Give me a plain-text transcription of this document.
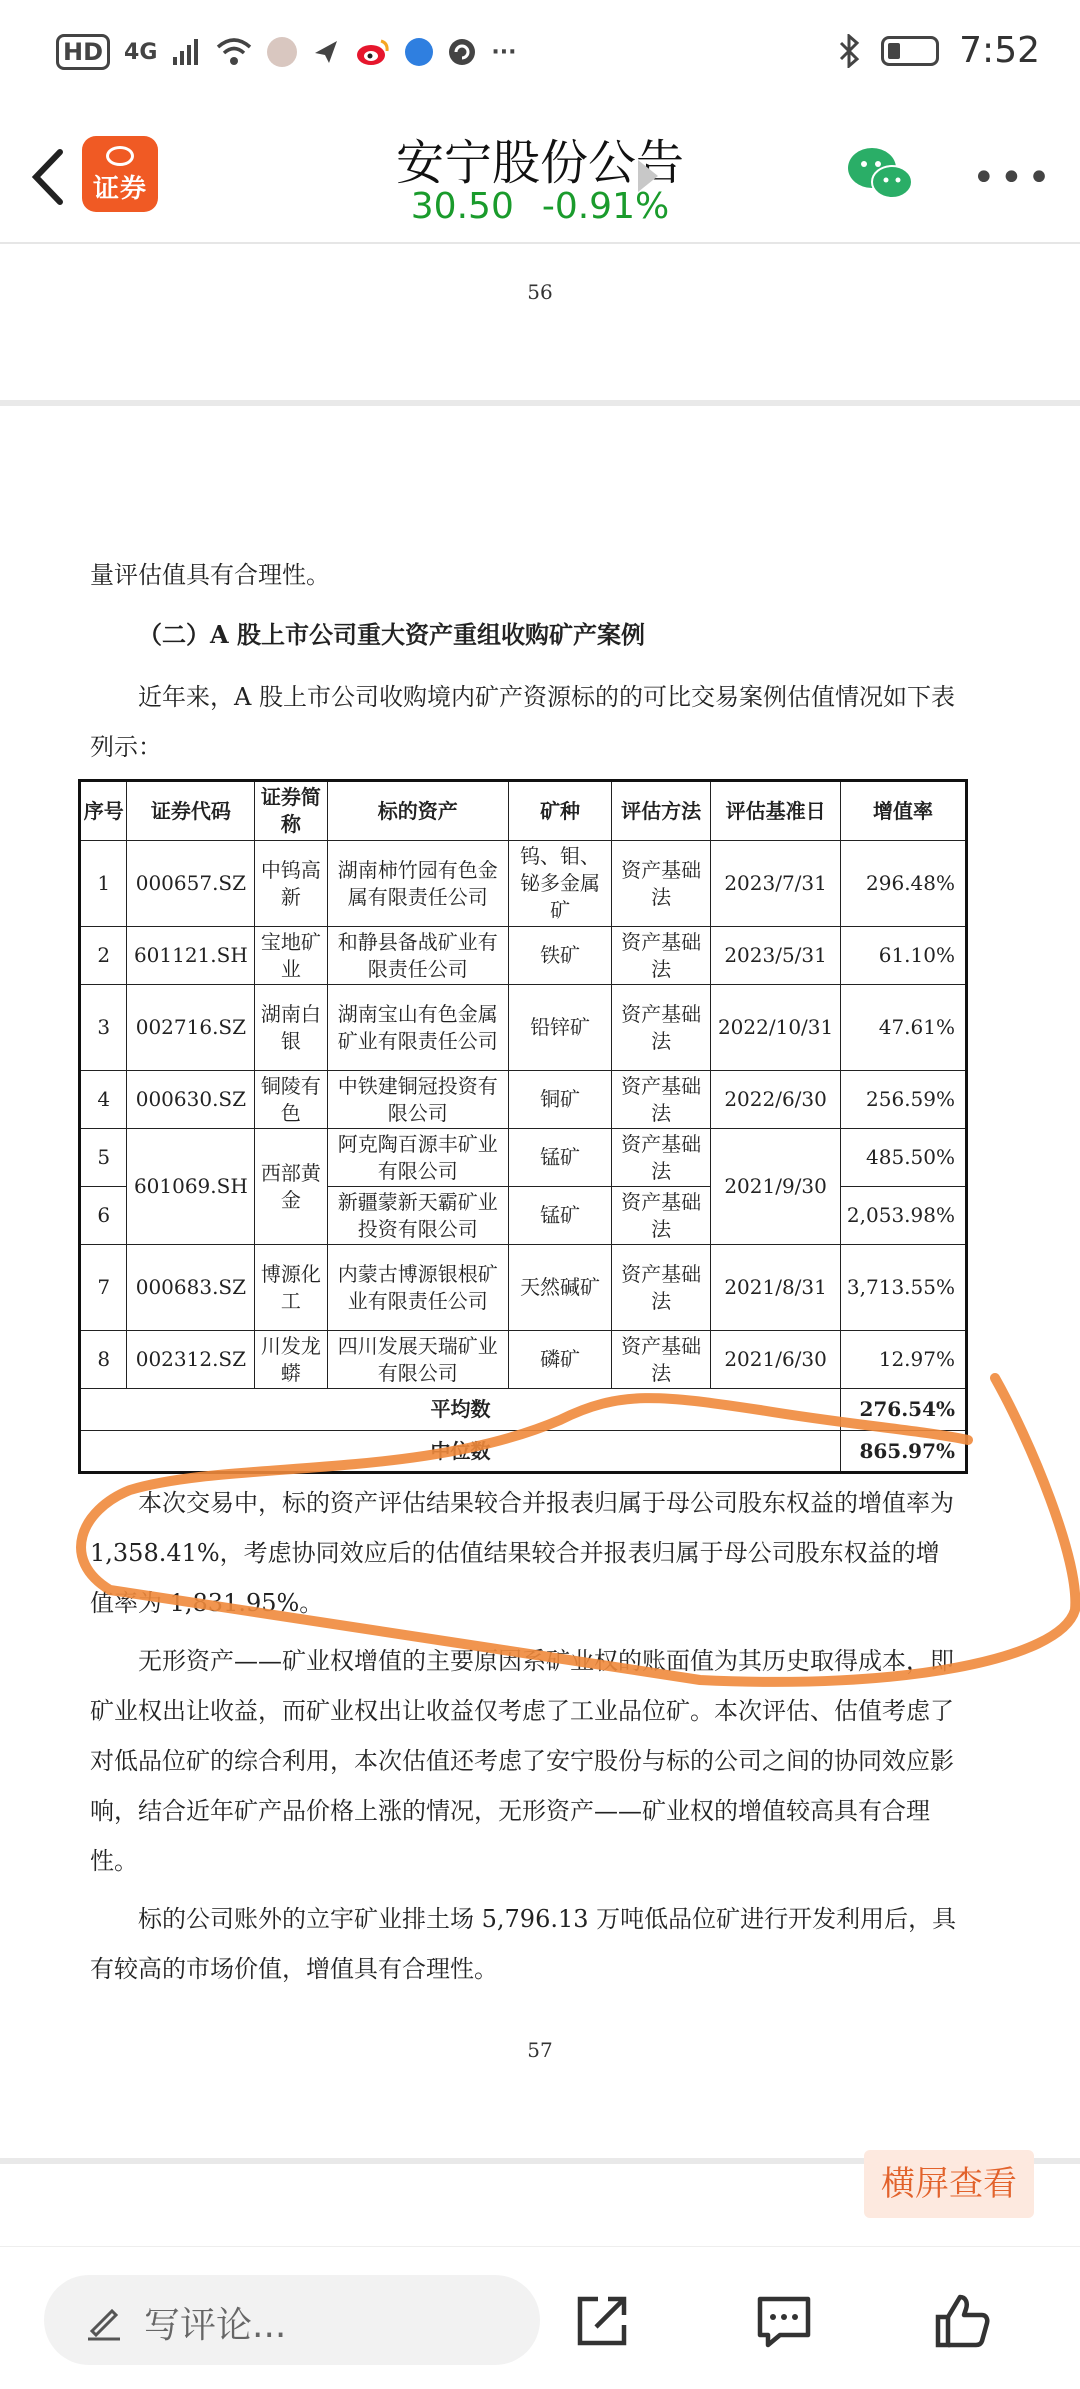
HD 4G	···	7:52
证券	安宁股份公告
30.50 -0.91%
•••
56
量评估值具有合理性。
（二）A 股上市公司重大资产重组收购矿产案例
近年来，A 股上市公司收购境内矿产资源标的的可比交易案例估值情况如下表列示：
序号	证券代码	证券简称	标的资产	矿种	评估方法	评估基准日	增值率
1	000657.SZ	中钨高新	湖南柿竹园有色金属有限责任公司	钨、钼、铋多金属矿	资产基础法	2023/7/31	296.48%
2	601121.SH	宝地矿业	和静县备战矿业有限责任公司	铁矿	资产基础法	2023/5/31	61.10%
3	002716.SZ	湖南白银	湖南宝山有色金属矿业有限责任公司	铅锌矿	资产基础法	2022/10/31	47.61%
4	000630.SZ	铜陵有色	中铁建铜冠投资有限公司	铜矿	资产基础法	2022/6/30	256.59%
5	601069.SH	西部黄金	阿克陶百源丰矿业有限公司	锰矿	资产基础法	2021/9/30	485.50%
6			新疆蒙新天霸矿业投资有限公司	锰矿	资产基础法		2,053.98%
7	000683.SZ	博源化工	内蒙古博源银根矿业有限责任公司	天然碱矿	资产基础法	2021/8/31	3,713.55%
8	002312.SZ	川发龙蟒	四川发展天瑞矿业有限公司	磷矿	资产基础法	2021/6/30	12.97%
平均数							276.54%
中位数							865.97%
本次交易中，标的资产评估结果较合并报表归属于母公司股东权益的增值率为 1,358.41%，考虑协同效应后的估值结果较合并报表归属于母公司股东权益的增值率为 1,831.95%。
无形资产——矿业权增值的主要原因系矿业权的账面值为其历史取得成本，即矿业权出让收益，而矿业权出让收益仅考虑了工业品位矿。本次评估、估值考虑了对低品位矿的综合利用，本次估值还考虑了安宁股份与标的公司之间的协同效应影响，结合近年矿产品价格上涨的情况，无形资产——矿业权的增值较高具有合理性。
标的公司账外的立宇矿业排土场 5,796.13 万吨低品位矿进行开发利用后，具有较高的市场价值，增值具有合理性。
57
横屏查看
写评论...
